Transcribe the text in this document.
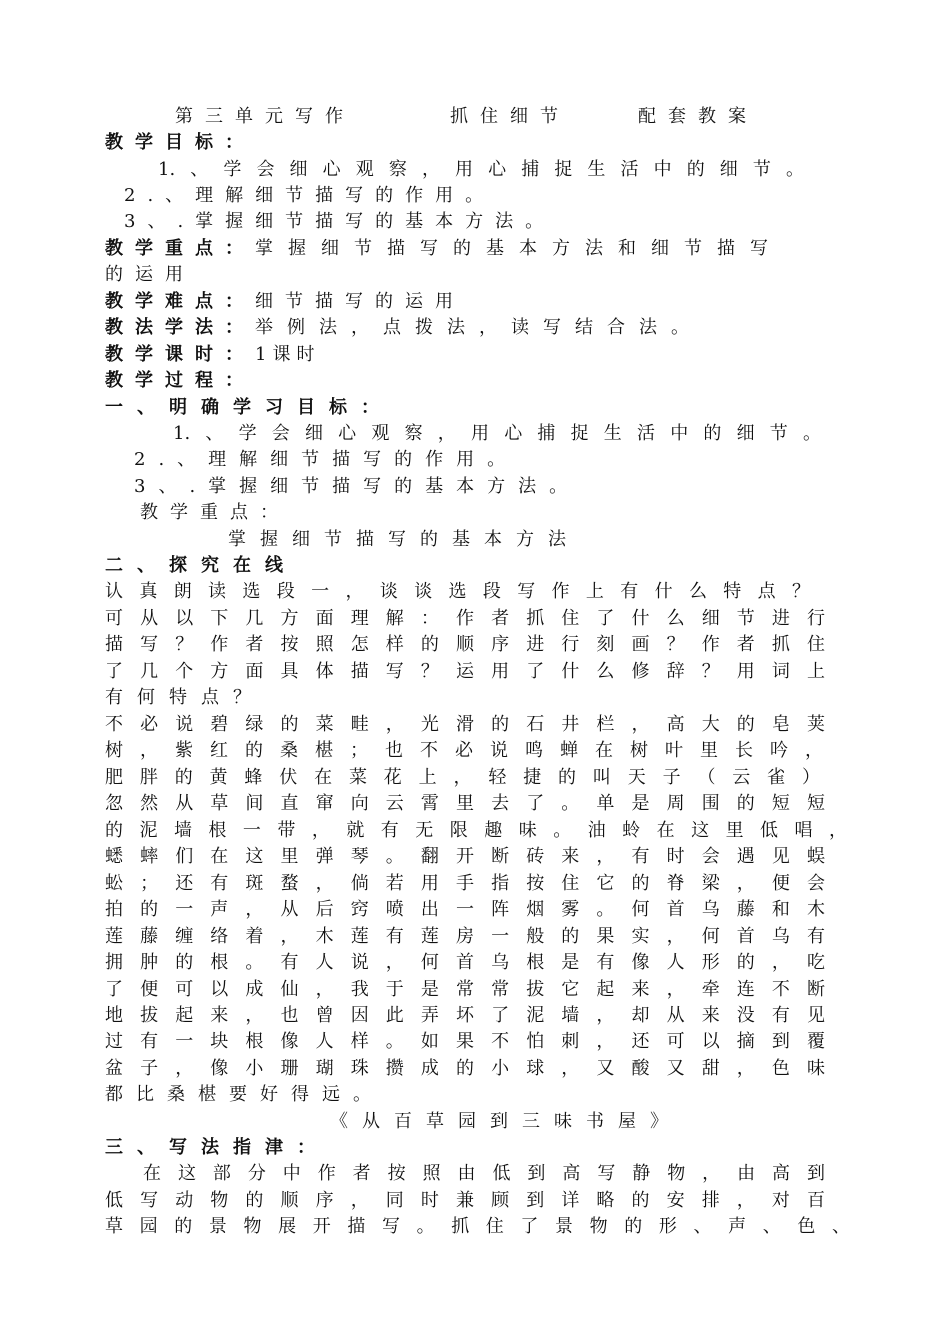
第三单元写作	抓住细节	配套教案
教学目标：
1.、学会细心观察，用心捕捉生活中的细节。
2.、理解细节描写的作用。
3、.掌握细节描写的基本方法。
教学重点：掌握细节描写的基本方法和细节描写
的运用
教学难点：细节描写的运用
教法学法：举例法，点拨法，读写结合法。
教学课时：1课时
教学过程：
一、明确学习目标：
1.、学会细心观察，用心捕捉生活中的细节。
2.、理解细节描写的作用。
3、.掌握细节描写的基本方法。
教学重点：
掌握细节描写的基本方法
二、探究在线
认真朗读选段一，谈谈选段写作上有什么特点？
可从以下几方面理解：作者抓住了什么细节进行
描写？作者按照怎样的顺序进行刻画？作者抓住
了几个方面具体描写？运用了什么修辞？用词上
有何特点？
不必说碧绿的菜畦，光滑的石井栏，高大的皂荚
树，紫红的桑椹；也不必说鸣蝉在树叶里长吟，
肥胖的黄蜂伏在菜花上，轻捷的叫天子（云雀）
忽然从草间直窜向云霄里去了。单是周围的短短
的泥墙根一带，就有无限趣味。油蛉在这里低唱，
蟋蟀们在这里弹琴。翻开断砖来，有时会遇见蜈
蚣；还有斑蝥，倘若用手指按住它的脊梁，便会
拍的一声，从后窍喷出一阵烟雾。何首乌藤和木
莲藤缠络着，木莲有莲房一般的果实，何首乌有
拥肿的根。有人说，何首乌根是有像人形的，吃
了便可以成仙，我于是常常拔它起来，牵连不断
地拔起来，也曾因此弄坏了泥墙，却从来没有见
过有一块根像人样。如果不怕刺，还可以摘到覆
盆子，像小珊瑚珠攒成的小球，又酸又甜，色味
都比桑椹要好得远。
《从百草园到三味书屋》
三、写法指津：
在这部分中作者按照由低到高写静物，由高到
低写动物的顺序，同时兼顾到详略的安排，对百
草园的景物展开描写。抓住了景物的形、声、色、
